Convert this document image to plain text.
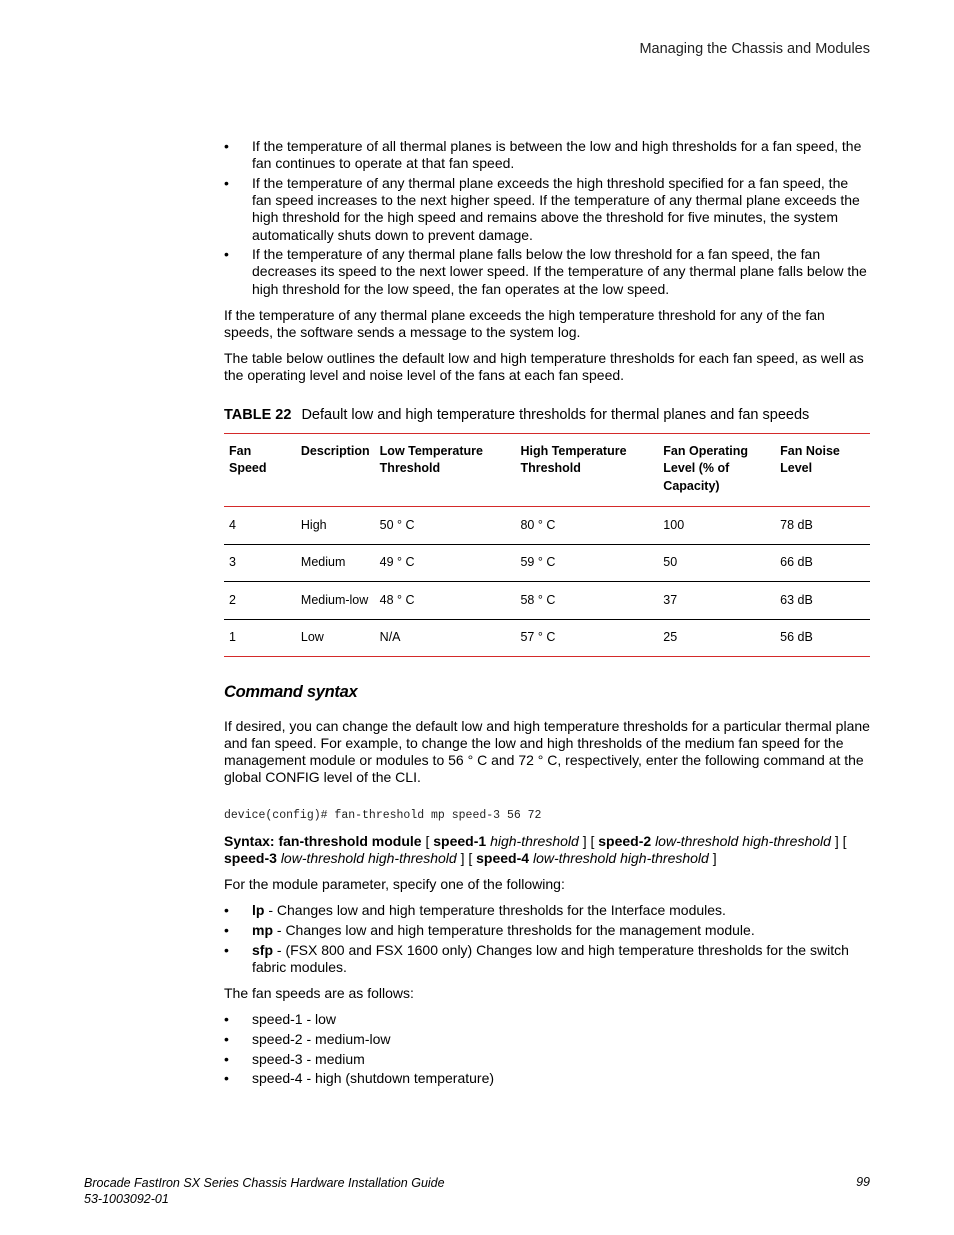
Managing the Chassis and Modules
• If the temperature of all thermal planes is between the low and high thresholds for a fan speed, the fan continues to operate at that fan speed.
• If the temperature of any thermal plane exceeds the high threshold specified for a fan speed, the fan speed increases to the next higher speed. If the temperature of any thermal plane exceeds the high threshold for the high speed and remains above the threshold for five minutes, the system automatically shuts down to prevent damage.
• If the temperature of any thermal plane falls below the low threshold for a fan speed, the fan decreases its speed to the next lower speed. If the temperature of any thermal plane falls below the high threshold for the low speed, the fan operates at the low speed.

If the temperature of any thermal plane exceeds the high temperature threshold for any of the fan speeds, the software sends a message to the system log.

The table below outlines the default low and high temperature thresholds for each fan speed, as well as the operating level and noise level of the fans at each fan speed.

TABLE 22 Default low and high temperature thresholds for thermal planes and fan speeds
Fan Speed	Description	Low Temperature Threshold	High Temperature Threshold	Fan Operating Level (% of Capacity)	Fan Noise Level
4	High	50 ° C	80 ° C	100	78 dB
3	Medium	49 ° C	59 ° C	50	66 dB
2	Medium-low	48 ° C	58 ° C	37	63 dB
1	Low	N/A	57 ° C	25	56 dB
Command syntax

If desired, you can change the default low and high temperature thresholds for a particular thermal plane and fan speed. For example, to change the low and high thresholds of the medium fan speed for the management module or modules to 56 ° C and 72 ° C, respectively, enter the following command at the global CONFIG level of the CLI.

device(config)# fan-threshold mp speed-3 56 72

Syntax: fan-threshold module [ speed-1 high-threshold ] [ speed-2 low-threshold high-threshold ] [ speed-3 low-threshold high-threshold ] [ speed-4 low-threshold high-threshold ]

For the module parameter, specify one of the following:

• lp - Changes low and high temperature thresholds for the Interface modules.
• mp - Changes low and high temperature thresholds for the management module.
• sfp - (FSX 800 and FSX 1600 only) Changes low and high temperature thresholds for the switch fabric modules.

The fan speeds are as follows:

• speed-1 - low
• speed-2 - medium-low
• speed-3 - medium
• speed-4 - high (shutdown temperature)
Brocade FastIron SX Series Chassis Hardware Installation Guide
53-1003092-01
99
